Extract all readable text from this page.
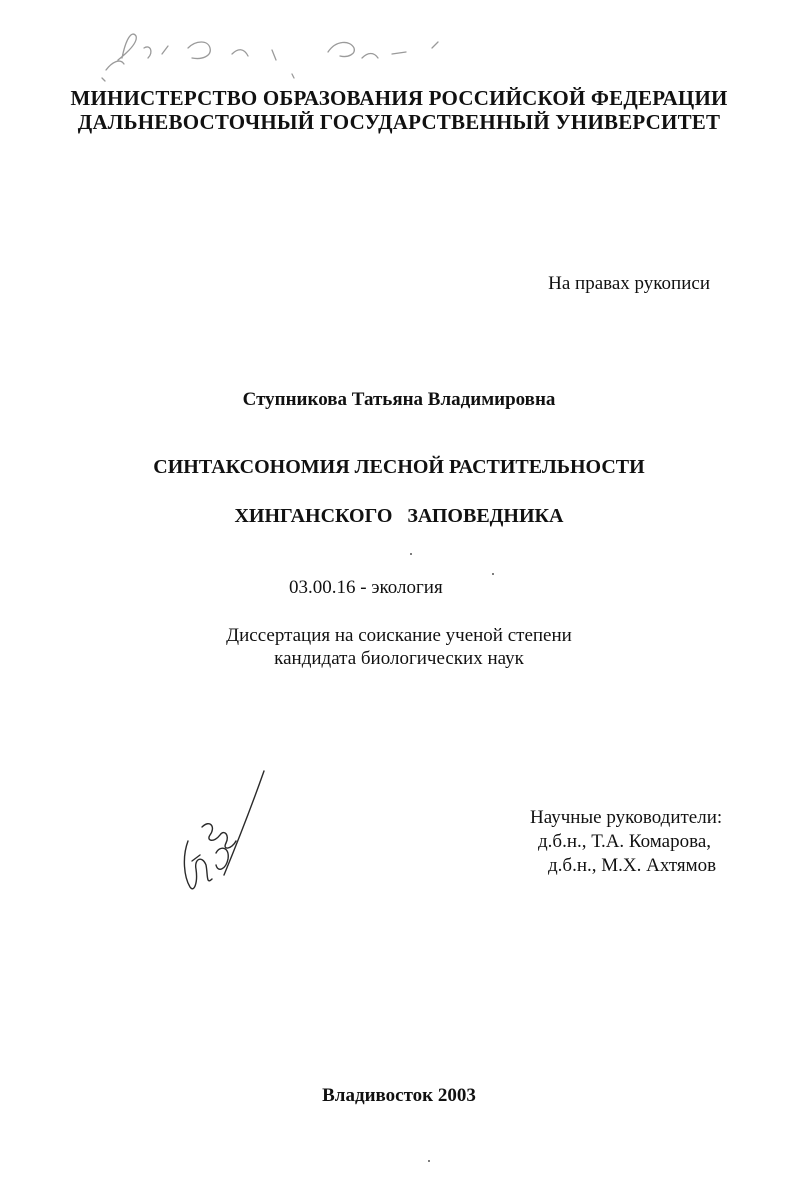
МИНИСТЕРСТВО ОБРАЗОВАНИЯ РОССИЙСКОЙ ФЕДЕРАЦИИ
ДАЛЬНЕВОСТОЧНЫЙ ГОСУДАРСТВЕННЫЙ УНИВЕРСИТЕТ
На правах рукописи
Ступникова Татьяна Владимировна
СИНТАКСОНОМИЯ ЛЕСНОЙ РАСТИТЕЛЬНОСТИ
ХИНГАНСКОГО   ЗАПОВЕДНИКА
03.00.16 - экология
Диссертация на соискание ученой степени
кандидата биологических наук
Научные руководители:
д.б.н., Т.А. Комарова,
д.б.н., М.Х. Ахтямов
Владивосток 2003
